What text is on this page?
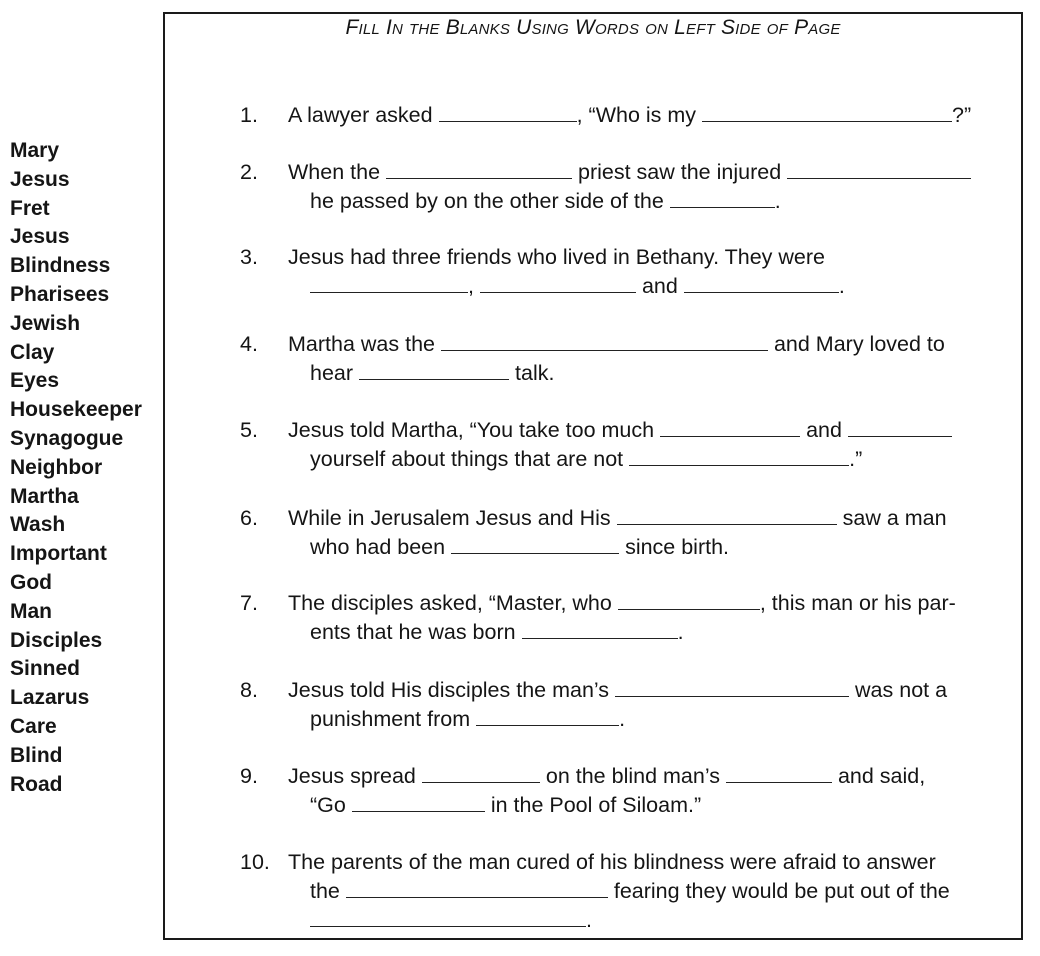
Mary
Jesus
Fret
Jesus
Blindness
Pharisees
Jewish
Clay
Eyes
Housekeeper
Synagogue
Neighbor
Martha
Wash
Important
God
Man
Disciples
Sinned
Lazarus
Care
Blind
Road
Fill In the Blanks Using Words on Left Side of Page
1. A lawyer asked	, “Who is my	?”
2. When the	priest saw the injured
he passed by on the other side of the	.
3. Jesus had three friends who lived in Bethany. They were
,	and	.
4. Martha was the	and Mary loved to
hear	talk.
5. Jesus told Martha, “You take too much	and
yourself about things that are not	.”
6. While in Jerusalem Jesus and His	saw a man
who had been	since birth.
7. The disciples asked, “Master, who	, this man or his par-
ents that he was born	.
8. Jesus told His disciples the man’s	was not a
punishment from	.
9. Jesus spread	on the blind man’s	and said,
“Go	in the Pool of Siloam.”
10. The parents of the man cured of his blindness were afraid to answer
the	fearing they would be put out of the
.
